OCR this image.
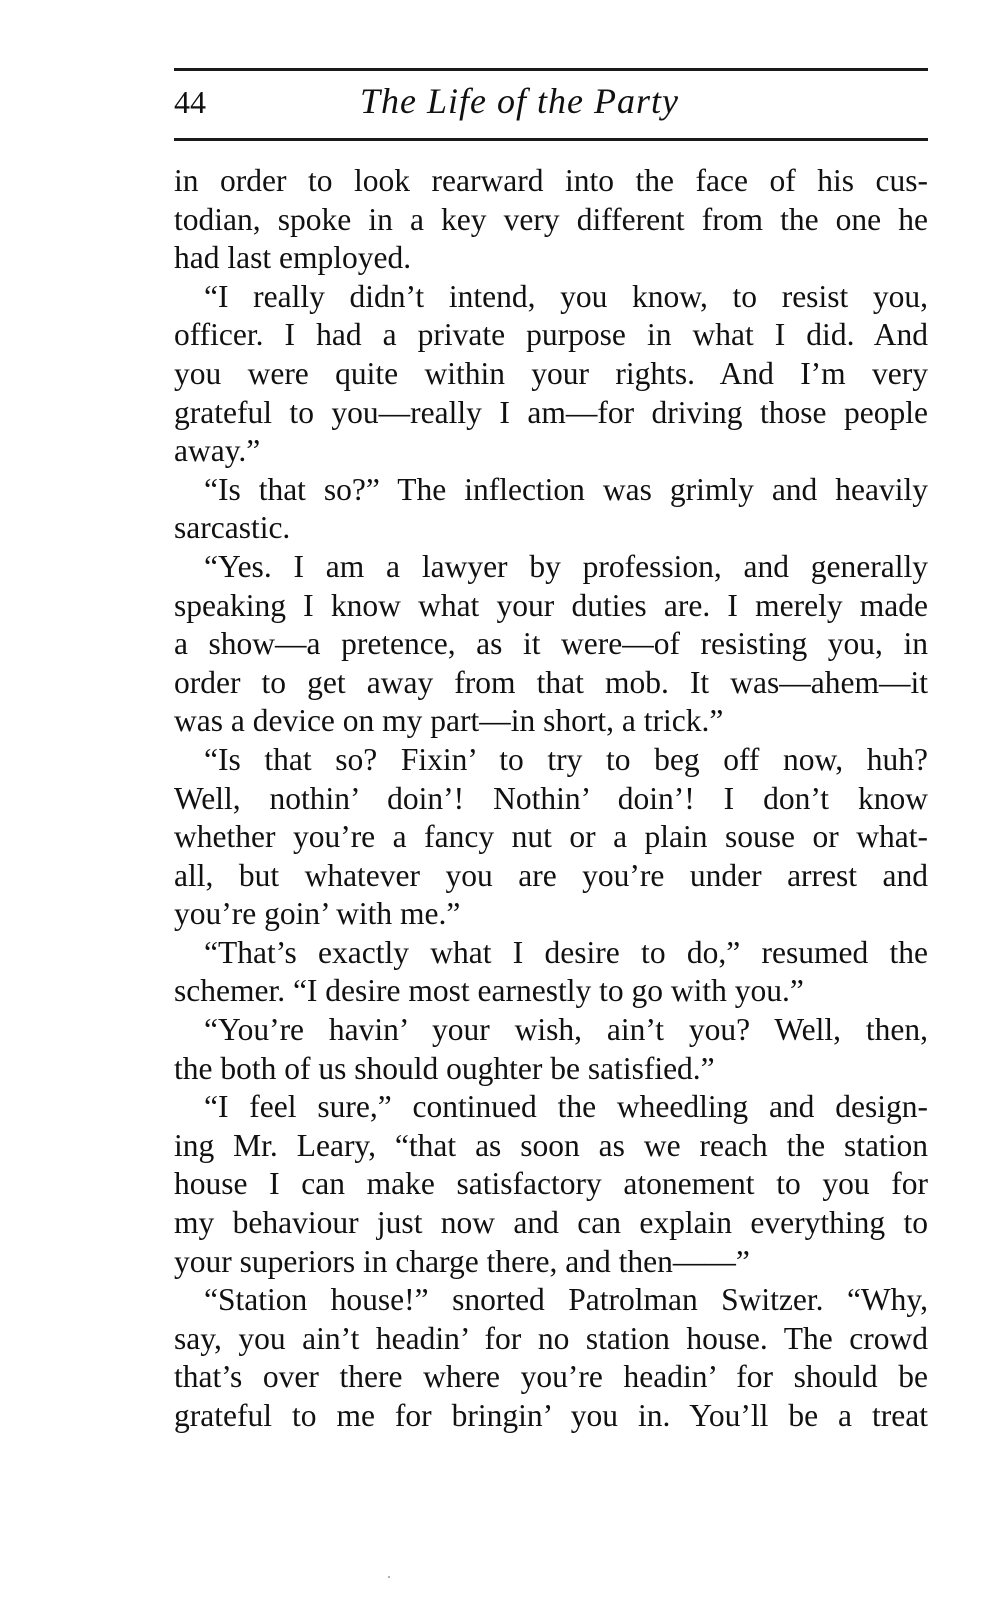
44	The Life of the Party
in order to look rearward into the face of his cus-
todian, spoke in a key very different from the one he
had last employed.
“I really didn’t intend, you know, to resist you,
officer. I had a private purpose in what I did. And
you were quite within your rights. And I’m very
grateful to you—really I am—for driving those people
away.”
“Is that so?” The inflection was grimly and heavily
sarcastic.
“Yes. I am a lawyer by profession, and generally
speaking I know what your duties are. I merely made
a show—a pretence, as it were—of resisting you, in
order to get away from that mob. It was—ahem—it
was a device on my part—in short, a trick.”
“Is that so? Fixin’ to try to beg off now, huh?
Well, nothin’ doin’! Nothin’ doin’! I don’t know
whether you’re a fancy nut or a plain souse or what-
all, but whatever you are you’re under arrest and
you’re goin’ with me.”
“That’s exactly what I desire to do,” resumed the
schemer. “I desire most earnestly to go with you.”
“You’re havin’ your wish, ain’t you? Well, then,
the both of us should oughter be satisfied.”
“I feel sure,” continued the wheedling and design-
ing Mr. Leary, “that as soon as we reach the station
house I can make satisfactory atonement to you for
my behaviour just now and can explain everything to
your superiors in charge there, and then——”
“Station house!” snorted Patrolman Switzer. “Why,
say, you ain’t headin’ for no station house. The crowd
that’s over there where you’re headin’ for should be
grateful to me for bringin’ you in. You’ll be a treat
